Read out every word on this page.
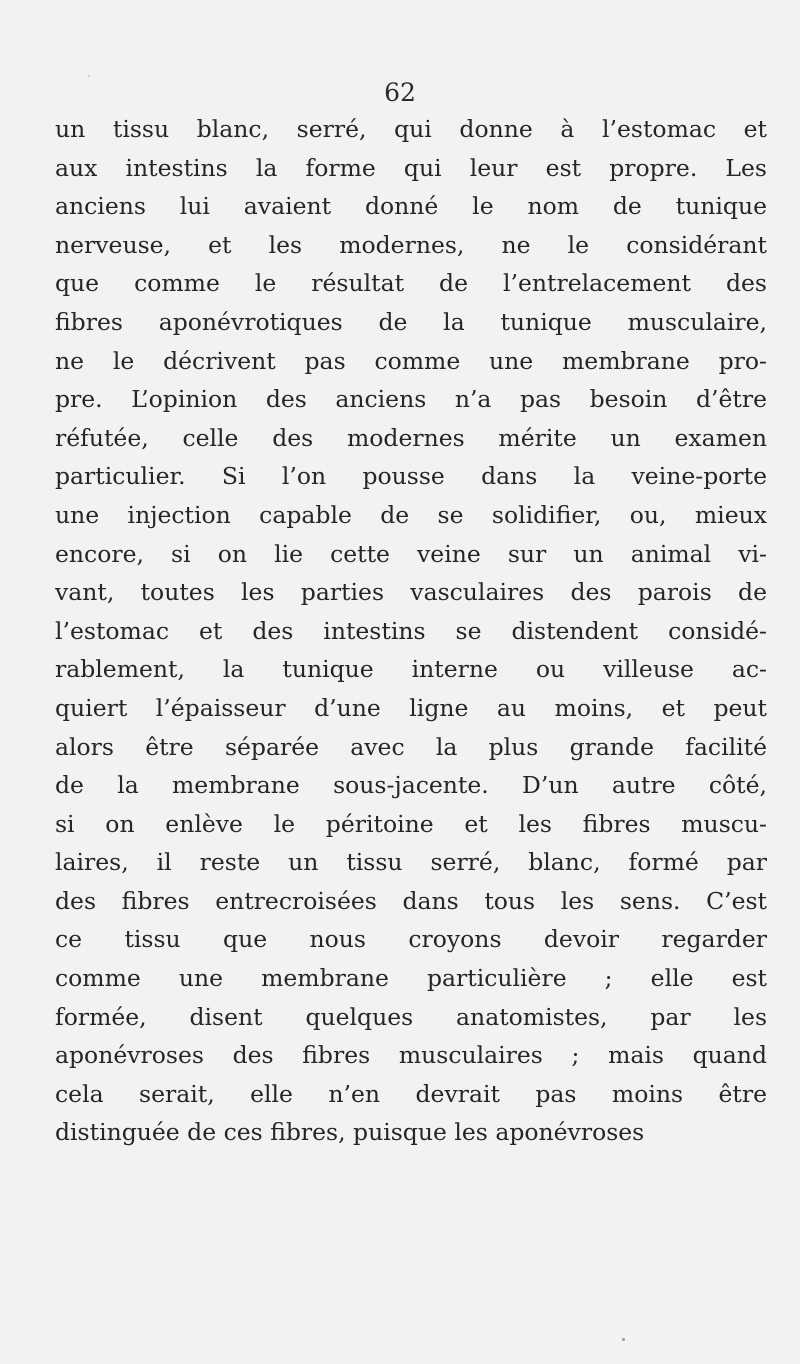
62
un tissu blanc, serré, qui donne à l’estomac et
aux intestins la forme qui leur est propre. Les
anciens lui avaient donné le nom de tunique
nerveuse, et les modernes, ne le considérant
que comme le résultat de l’entrelacement des
fibres aponévrotiques de la tunique musculaire,
ne le décrivent pas comme une membrane pro-
pre. L’opinion des anciens n’a pas besoin d’être
réfutée, celle des modernes mérite un examen
particulier. Si l’on pousse dans la veine-porte
une injection capable de se solidifier, ou, mieux
encore, si on lie cette veine sur un animal vi-
vant, toutes les parties vasculaires des parois de
l’estomac et des intestins se distendent considé-
rablement, la tunique interne ou villeuse ac-
quiert l’épaisseur d’une ligne au moins, et peut
alors être séparée avec la plus grande facilité
de la membrane sous-jacente. D’un autre côté,
si on enlève le péritoine et les fibres muscu-
laires, il reste un tissu serré, blanc, formé par
des fibres entrecroisées dans tous les sens. C’est
ce tissu que nous croyons devoir regarder
comme une membrane particulière ; elle est
formée, disent quelques anatomistes, par les
aponévroses des fibres musculaires ; mais quand
cela serait, elle n’en devrait pas moins être
distinguée de ces fibres, puisque les aponévroses
